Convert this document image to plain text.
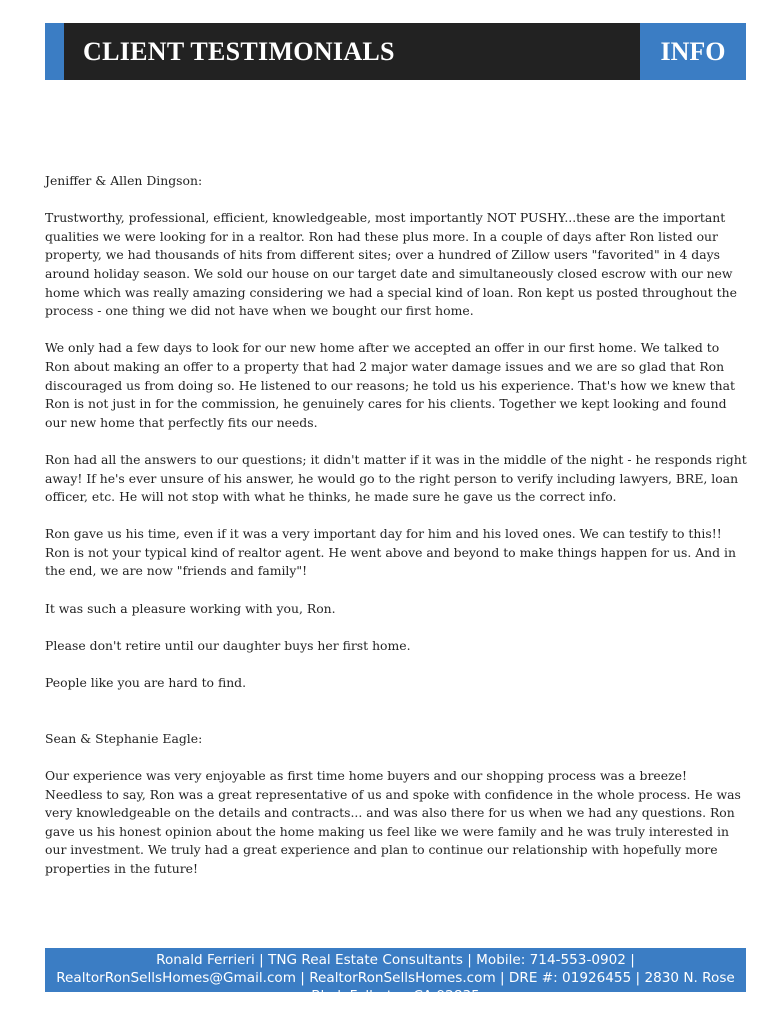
CLIENT TESTIMONIALS	INFO

Jeniffer & Allen Dingson:

Trustworthy, professional, efficient, knowledgeable, most importantly NOT PUSHY...these are the important qualities we were looking for in a realtor. Ron had these plus more. In a couple of days after Ron listed our property, we had thousands of hits from different sites; over a hundred of Zillow users "favorited" in 4 days around holiday season. We sold our house on our target date and simultaneously closed escrow with our new home which was really amazing considering we had a special kind of loan. Ron kept us posted throughout the process - one thing we did not have when we bought our first home.

We only had a few days to look for our new home after we accepted an offer in our first home. We talked to Ron about making an offer to a property that had 2 major water damage issues and we are so glad that Ron discouraged us from doing so. He listened to our reasons; he told us his experience. That's how we knew that Ron is not just in for the commission, he genuinely cares for his clients. Together we kept looking and found our new home that perfectly fits our needs.

Ron had all the answers to our questions; it didn't matter if it was in the middle of the night - he responds right away! If he's ever unsure of his answer, he would go to the right person to verify including lawyers, BRE, loan officer, etc. He will not stop with what he thinks, he made sure he gave us the correct info.

Ron gave us his time, even if it was a very important day for him and his loved ones. We can testify to this!! Ron is not your typical kind of realtor agent. He went above and beyond to make things happen for us. And in the end, we are now "friends and family"!

It was such a pleasure working with you, Ron.

Please don't retire until our daughter buys her first home.

People like you are hard to find.

Sean & Stephanie Eagle:

Our experience was very enjoyable as first time home buyers and our shopping process was a breeze! Needless to say, Ron was a great representative of us and spoke with confidence in the whole process. He was very knowledgeable on the details and contracts... and was also there for us when we had any questions. Ron gave us his honest opinion about the home making us feel like we were family and he was truly interested in our investment. We truly had a great experience and plan to continue our relationship with hopefully more properties in the future!

Ronald Ferrieri | TNG Real Estate Consultants | Mobile: 714-553-0902 | RealtorRonSellsHomes@Gmail.com | RealtorRonSellsHomes.com | DRE #: 01926455 | 2830 N. Rose Blvd, Fullerton CA 92835
